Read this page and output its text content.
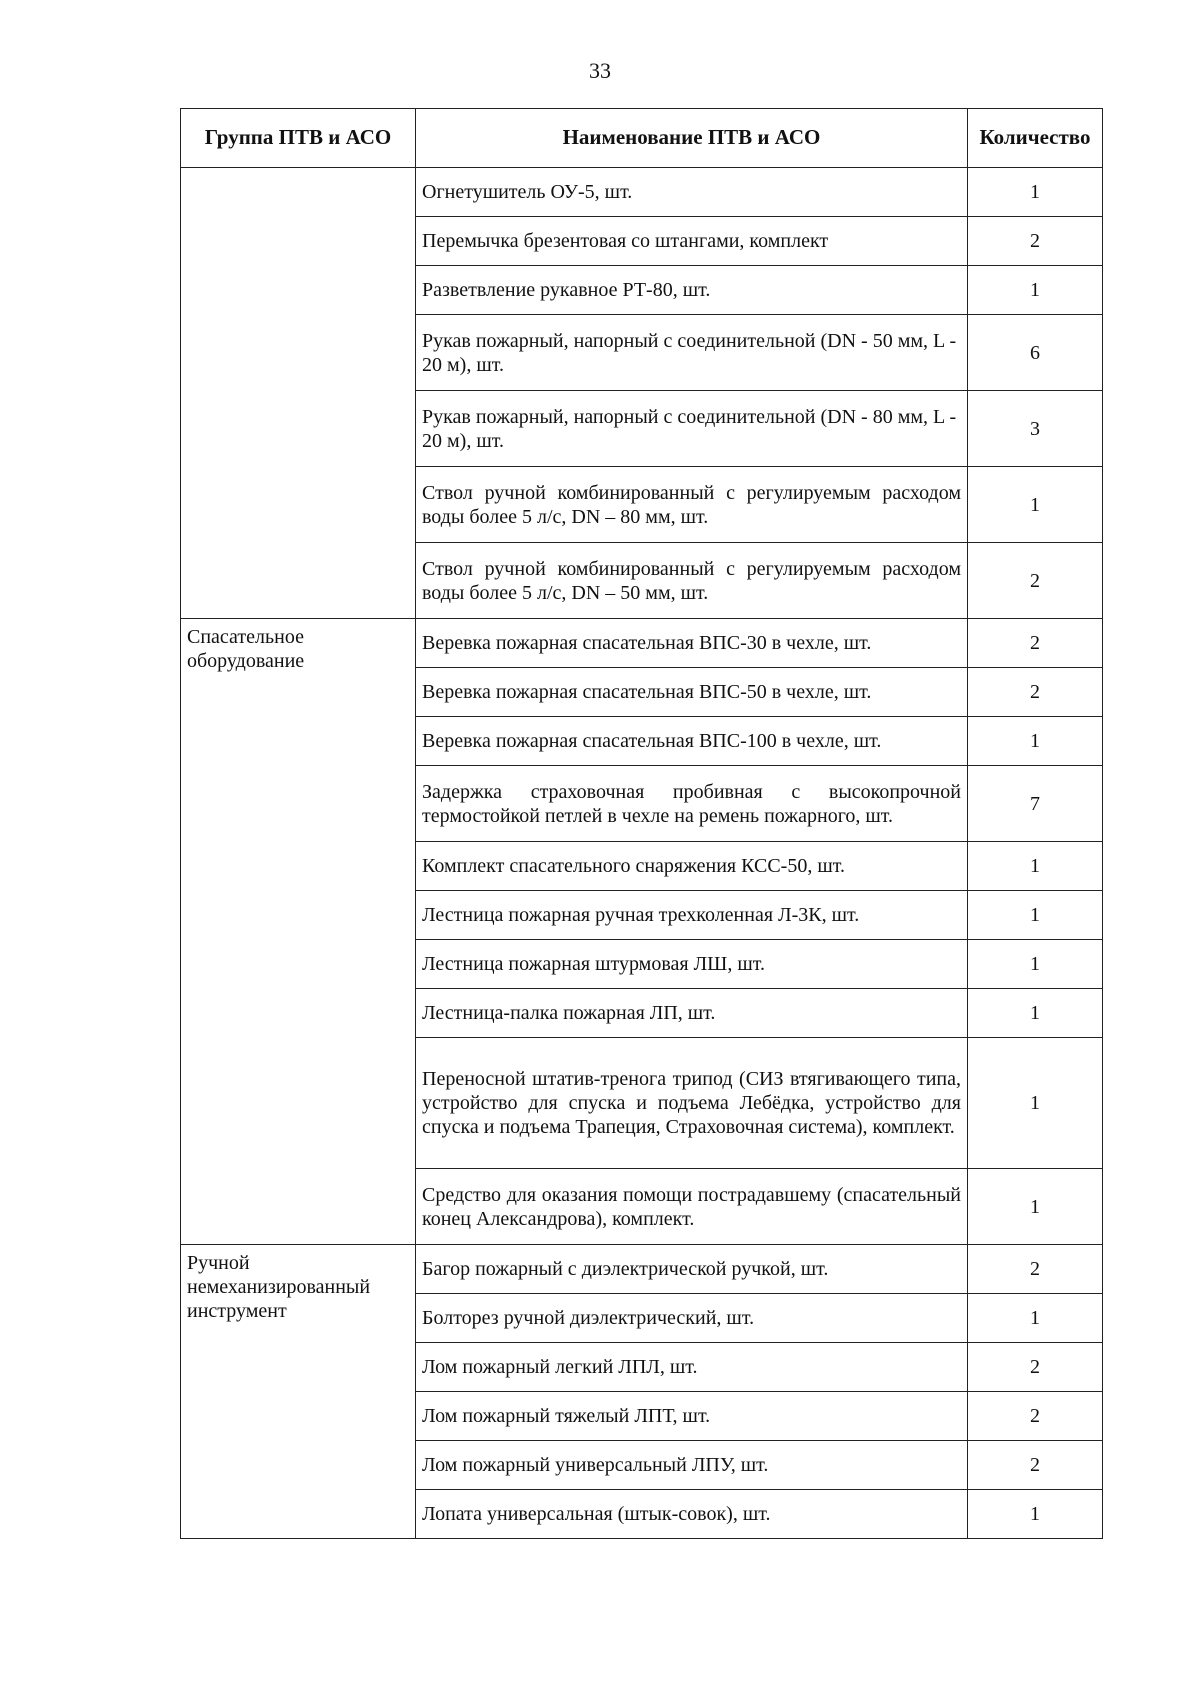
33
Группа ПТВ и АСО	Наименование ПТВ и АСО	Количество
	Огнетушитель ОУ-5, шт.	1
	Перемычка брезентовая со штангами, комплект	2
	Разветвление рукавное РТ-80, шт.	1
	Рукав пожарный, напорный с соединительной (DN - 50 мм, L - 20 м), шт.	6
	Рукав пожарный, напорный с соединительной (DN - 80 мм, L - 20 м), шт.	3
	Ствол ручной комбинированный с регулируемым расходом воды более 5 л/с, DN – 80 мм, шт.	1
	Ствол ручной комбинированный с регулируемым расходом воды более 5 л/с, DN – 50 мм, шт.	2
Спасательное оборудование	Веревка пожарная спасательная ВПС-30 в чехле, шт.	2
	Веревка пожарная спасательная ВПС-50 в чехле, шт.	2
	Веревка пожарная спасательная ВПС-100 в чехле, шт.	1
	Задержка страховочная пробивная с высокопрочной термостойкой петлей в чехле на ремень пожарного, шт.	7
	Комплект спасательного снаряжения КСС-50, шт.	1
	Лестница пожарная ручная трехколенная Л-3К, шт.	1
	Лестница пожарная штурмовая ЛШ, шт.	1
	Лестница-палка пожарная ЛП, шт.	1
	Переносной штатив-тренога трипод (СИЗ втягивающего типа, устройство для спуска и подъема Лебёдка, устройство для спуска и подъема Трапеция, Страховочная система), комплект.	1
	Средство для оказания помощи пострадавшему (спасательный конец Александрова), комплект.	1
Ручной немеханизированный инструмент	Багор пожарный с диэлектрической ручкой, шт.	2
	Болторез ручной диэлектрический, шт.	1
	Лом пожарный легкий ЛПЛ, шт.	2
	Лом пожарный тяжелый ЛПТ, шт.	2
	Лом пожарный универсальный ЛПУ, шт.	2
	Лопата универсальная (штык-совок), шт.	1
